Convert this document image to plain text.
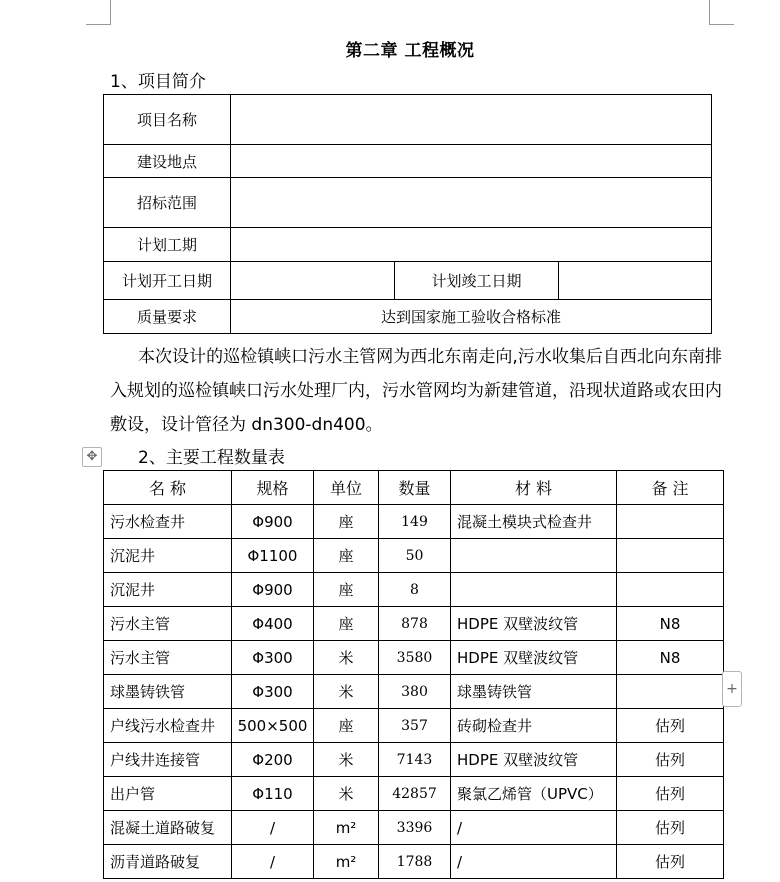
第二章 工程概况
1、项目简介
项目名称			
建设地点			
招标范围			
计划工期			
计划开工日期		计划竣工日期	
质量要求	达到国家施工验收合格标准		
本次设计的巡检镇峡口污水主管网为西北东南走向,污水收集后自西北向东南排入规划的巡检镇峡口污水处理厂内，污水管网均为新建管道，沿现状道路或农田内敷设，设计管径为 dn300-dn400。
✥ 2、主要工程数量表
名 称	规格	单位	数量	材 料	备 注
污水检查井	Φ900	座	149	混凝土模块式检查井	
沉泥井	Φ1100	座	50		
沉泥井	Φ900	座	8		
污水主管	Φ400	座	878	HDPE 双壁波纹管	N8
污水主管	Φ300	米	3580	HDPE 双壁波纹管	N8
球墨铸铁管	Φ300	米	380	球墨铸铁管	
户线污水检查井	500×500	座	357	砖砌检查井	估列
户线井连接管	Φ200	米	7143	HDPE 双壁波纹管	估列
出户管	Φ110	米	42857	聚氯乙烯管（UPVC）	估列
混凝土道路破复	/	m²	3396	/	估列
沥青道路破复	/	m²	1788	/	估列
+
